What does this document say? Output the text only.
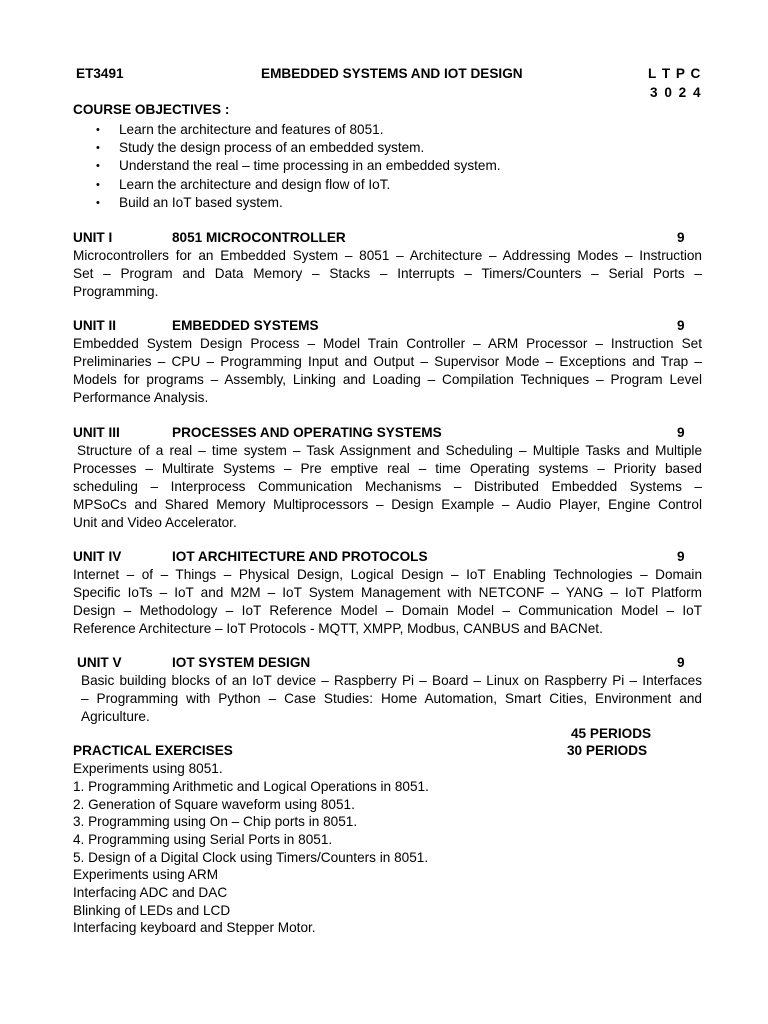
ET3491	EMBEDDED SYSTEMS AND IOT DESIGN	L T P C
3 0 2 4
COURSE OBJECTIVES :
• Learn the architecture and features of 8051.
• Study the design process of an embedded system.
• Understand the real – time processing in an embedded system.
• Learn the architecture and design flow of IoT.
• Build an IoT based system.
UNIT I	8051 MICROCONTROLLER	9
Microcontrollers for an Embedded System – 8051 – Architecture – Addressing Modes – Instruction
Set – Program and Data Memory – Stacks – Interrupts – Timers/Counters – Serial Ports –
Programming.
UNIT II	EMBEDDED SYSTEMS	9
Embedded System Design Process – Model Train Controller – ARM Processor – Instruction Set
Preliminaries – CPU – Programming Input and Output – Supervisor Mode – Exceptions and Trap –
Models for programs – Assembly, Linking and Loading – Compilation Techniques – Program Level
Performance Analysis.
UNIT III	PROCESSES AND OPERATING SYSTEMS	9
Structure of a real – time system – Task Assignment and Scheduling – Multiple Tasks and Multiple
Processes – Multirate Systems – Pre emptive real – time Operating systems – Priority based
scheduling – Interprocess Communication Mechanisms – Distributed Embedded Systems –
MPSoCs and Shared Memory Multiprocessors – Design Example – Audio Player, Engine Control
Unit and Video Accelerator.
UNIT IV	IOT ARCHITECTURE AND PROTOCOLS	9
Internet – of – Things – Physical Design, Logical Design – IoT Enabling Technologies – Domain
Specific IoTs – IoT and M2M – IoT System Management with NETCONF – YANG – IoT Platform
Design – Methodology – IoT Reference Model – Domain Model – Communication Model – IoT
Reference Architecture – IoT Protocols - MQTT, XMPP, Modbus, CANBUS and BACNet.
UNIT V	IOT SYSTEM DESIGN	9
Basic building blocks of an IoT device – Raspberry Pi – Board – Linux on Raspberry Pi – Interfaces
– Programming with Python – Case Studies: Home Automation, Smart Cities, Environment and
Agriculture.
45 PERIODS
PRACTICAL EXERCISES	30 PERIODS
Experiments using 8051.
1. Programming Arithmetic and Logical Operations in 8051.
2. Generation of Square waveform using 8051.
3. Programming using On – Chip ports in 8051.
4. Programming using Serial Ports in 8051.
5. Design of a Digital Clock using Timers/Counters in 8051.
Experiments using ARM
Interfacing ADC and DAC
Blinking of LEDs and LCD
Interfacing keyboard and Stepper Motor.
